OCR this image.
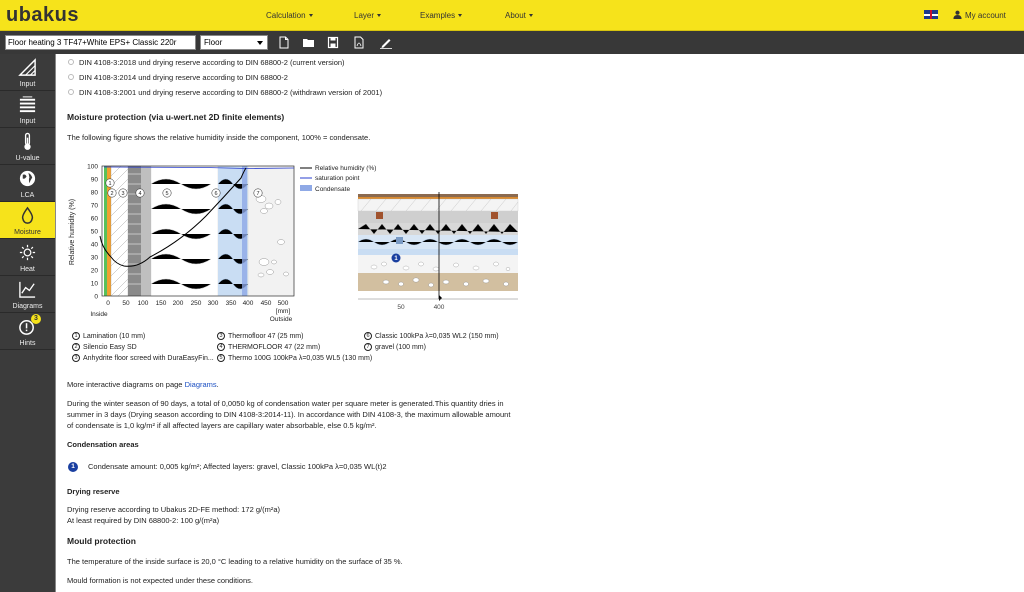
ubakus	Calculation	Layer	Examples	About	My account
Floor heating 3 TF47+White EPS+ Classic 220r	Floor
Input
Input
U-value
LCA
Moisture
Heat
Diagrams
3
Hints
DIN 4108-3:2018 und drying reserve according to DIN 68800-2 (current version)
DIN 4108-3:2014 und drying reserve according to DIN 68800-2
DIN 4108-3:2001 und drying reserve according to DIN 68800-2 (withdrawn version of 2001)
Moisture protection (via u-wert.net 2D finite elements)
The following figure shows the relative humidity inside the component, 100% = condensate.
Relative humidity (%)
100
90
80
70
60
50
40
30
20
10
0
0 50 100 150 200 250 300 350 400 450 500
[mm]
Inside
Outside
1
2 3	4	5	6	7
Relative humidity (%)
saturation point
Condensate
1
50	400
1 Lamination (10 mm)
2 Silencio Easy SD
3 Anhydrite floor screed with DuraEasyFin...
3 Thermofloor 47 (25 mm)
4 THERMOFLOOR 47 (22 mm)
5 Thermo 100G 100kPa λ=0,035 WL5 (130 mm)
6 Classic 100kPa λ=0,035 WL2 (150 mm)
7 gravel (100 mm)
More interactive diagrams on page Diagrams.
During the winter season of 90 days, a total of 0,0050 kg of condensation water per square meter is generated.This quantity dries in
summer in 3 days (Drying season according to DIN 4108-3:2014-11). In accordance with DIN 4108-3, the maximum allowable amount
of condensate is 1,0 kg/m² if all affected layers are capillary water absorbable, else 0.5 kg/m².
Condensation areas
1	Condensate amount: 0,005 kg/m²; Affected layers: gravel, Classic 100kPa λ=0,035 WL(t)2
Drying reserve
Drying reserve according to Ubakus 2D-FE method: 172 g/(m²a)
At least required by DIN 68800-2: 100 g/(m²a)
Mould protection
The temperature of the inside surface is 20,0 °C leading to a relative humidity on the surface of 35 %.
Mould formation is not expected under these conditions.
